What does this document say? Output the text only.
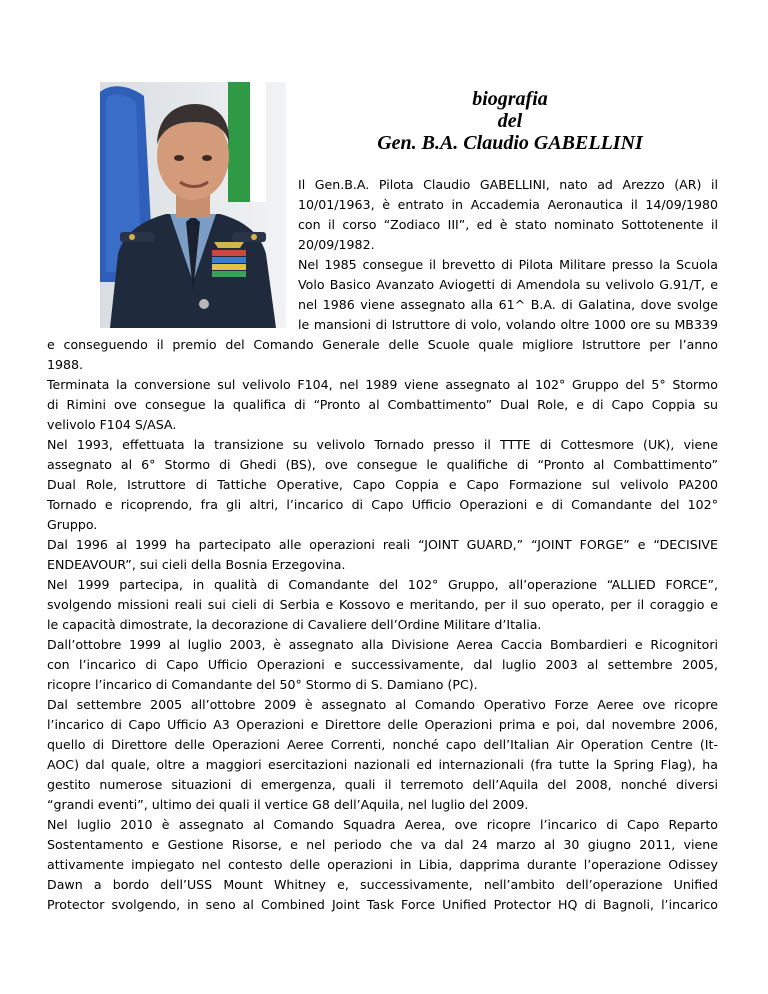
biografia
del
Gen. B.A. Claudio GABELLINI
Il Gen.B.A. Pilota Claudio GABELLINI, nato ad Arezzo (AR) il
10/01/1963, è entrato in Accademia Aeronautica il 14/09/1980
con il corso “Zodiaco III”, ed è stato nominato Sottotenente il
20/09/1982.
Nel 1985 consegue il brevetto di Pilota Militare presso la Scuola
Volo Basico Avanzato Aviogetti di Amendola su velivolo G.91/T, e
nel 1986 viene assegnato alla 61^ B.A. di Galatina, dove svolge
le mansioni di Istruttore di volo, volando oltre 1000 ore su MB339
e conseguendo il premio del Comando Generale delle Scuole quale migliore Istruttore per l’anno
1988.
Terminata la conversione sul velivolo F104, nel 1989 viene assegnato al 102° Gruppo del 5° Stormo
di Rimini ove consegue la qualifica di “Pronto al Combattimento” Dual Role, e di Capo Coppia su
velivolo F104 S/ASA.
Nel 1993, effettuata la transizione su velivolo Tornado presso il TTTE di Cottesmore (UK), viene
assegnato al 6° Stormo di Ghedi (BS), ove consegue le qualifiche di “Pronto al Combattimento”
Dual Role, Istruttore di Tattiche Operative, Capo Coppia e Capo Formazione sul velivolo PA200
Tornado e ricoprendo, fra gli altri, l’incarico di Capo Ufficio Operazioni e di Comandante del 102°
Gruppo.
Dal 1996 al 1999 ha partecipato alle operazioni reali “JOINT GUARD,” “JOINT FORGE” e “DECISIVE
ENDEAVOUR”, sui cieli della Bosnia Erzegovina.
Nel 1999 partecipa, in qualità di Comandante del 102° Gruppo, all’operazione “ALLIED FORCE”,
svolgendo missioni reali sui cieli di Serbia e Kossovo e meritando, per il suo operato, per il coraggio e
le capacità dimostrate, la decorazione di Cavaliere dell’Ordine Militare d’Italia.
Dall’ottobre 1999 al luglio 2003, è assegnato alla Divisione Aerea Caccia Bombardieri e Ricognitori
con l’incarico di Capo Ufficio Operazioni e successivamente, dal luglio 2003 al settembre 2005,
ricopre l’incarico di Comandante del 50° Stormo di S. Damiano (PC).
Dal settembre 2005 all’ottobre 2009 è assegnato al Comando Operativo Forze Aeree ove ricopre
l’incarico di Capo Ufficio A3 Operazioni e Direttore delle Operazioni prima e poi, dal novembre 2006,
quello di Direttore delle Operazioni Aeree Correnti, nonché capo dell’Italian Air Operation Centre (It-
AOC) dal quale, oltre a maggiori esercitazioni nazionali ed internazionali (fra tutte la Spring Flag), ha
gestito numerose situazioni di emergenza, quali il terremoto dell’Aquila del 2008, nonché diversi
“grandi eventi”, ultimo dei quali il vertice G8 dell’Aquila, nel luglio del 2009.
Nel luglio 2010 è assegnato al Comando Squadra Aerea, ove ricopre l’incarico di Capo Reparto
Sostentamento e Gestione Risorse, e nel periodo che va dal 24 marzo al 30 giugno 2011, viene
attivamente impiegato nel contesto delle operazioni in Libia, dapprima durante l’operazione Odissey
Dawn a bordo dell’USS Mount Whitney e, successivamente, nell’ambito dell’operazione Unified
Protector svolgendo, in seno al Combined Joint Task Force Unified Protector HQ di Bagnoli, l’incarico
